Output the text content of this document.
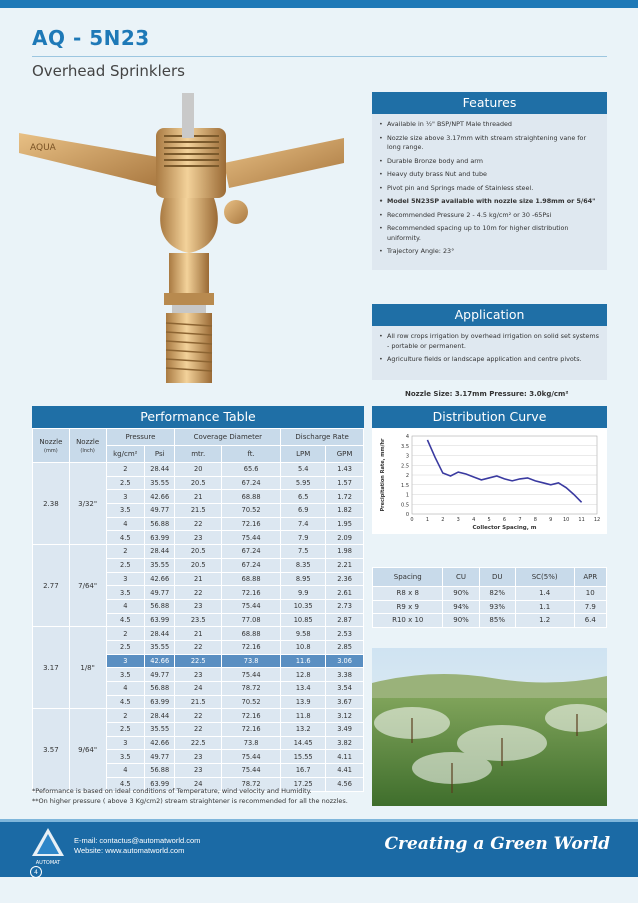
AQ - 5N23
Overhead Sprinklers
AQUA
Features
• Available in ½" BSP/NPT Male threaded
• Nozzle size above 3.17mm with stream straightening vane for long range.
• Durable Bronze body and arm
• Heavy duty brass Nut and tube
• Pivot pin and Springs made of Stainless steel.
• Model 5N23SP available with nozzle size 1.98mm or 5/64"
• Recommended Pressure 2 - 4.5 kg/cm² or 30 -65Psi
• Recommended spacing up to 10m for higher distribution uniformity.
• Trajectory Angle: 23°
Application
• All row crops irrigation by overhead irrigation on solid set systems - portable or permanent.
• Agriculture fields or landscape application and centre pivots.
Nozzle Size: 3.17mm Pressure: 3.0kg/cm²
Performance Table
Nozzle
(mm)	Nozzle
(Inch)	Pressure		Coverage Diameter		Discharge Rate	
		kg/cm²	Psi	mtr.	ft.	LPM	GPM
2.38	3/32"	2	28.44	20	65.6	5.4	1.43
		2.5	35.55	20.5	67.24	5.95	1.57
		3	42.66	21	68.88	6.5	1.72
		3.5	49.77	21.5	70.52	6.9	1.82
		4	56.88	22	72.16	7.4	1.95
		4.5	63.99	23	75.44	7.9	2.09
2.77	7/64"	2	28.44	20.5	67.24	7.5	1.98
		2.5	35.55	20.5	67.24	8.35	2.21
		3	42.66	21	68.88	8.95	2.36
		3.5	49.77	22	72.16	9.9	2.61
		4	56.88	23	75.44	10.35	2.73
		4.5	63.99	23.5	77.08	10.85	2.87
3.17	1/8"	2	28.44	21	68.88	9.58	2.53
		2.5	35.55	22	72.16	10.8	2.85
		3	42.66	22.5	73.8	11.6	3.06
		3.5	49.77	23	75.44	12.8	3.38
		4	56.88	24	78.72	13.4	3.54
		4.5	63.99	21.5	70.52	13.9	3.67
3.57	9/64"	2	28.44	22	72.16	11.8	3.12
		2.5	35.55	22	72.16	13.2	3.49
		3	42.66	22.5	73.8	14.45	3.82
		3.5	49.77	23	75.44	15.55	4.11
		4	56.88	23	75.44	16.7	4.41
		4.5	63.99	24	78.72	17.25	4.56
*Peformance is based on ideal conditions of Temperature, wind velocity and Humidity.
**On higher pressure ( above 3 Kg/cm2) stream straightener is recommended for all the nozzles.
Distribution Curve
0
0.5
1
1.5
2
2.5
3
3.5
4
0 1 2 3 4 5 6 7 8 9 10 11 12
Collector Spacing, m
Precipitation Rate, mm/hr
Spacing	CU	DU	SC(5%)	APR
R8 x 8	90%	82%	1.4	10
R9 x 9	94%	93%	1.1	7.9
R10 x 10	90%	85%	1.2	6.4
E-mail: contactus@automatworld.com
Website: www.automatworld.com	Creating a Green World
AUTOMAT
4
